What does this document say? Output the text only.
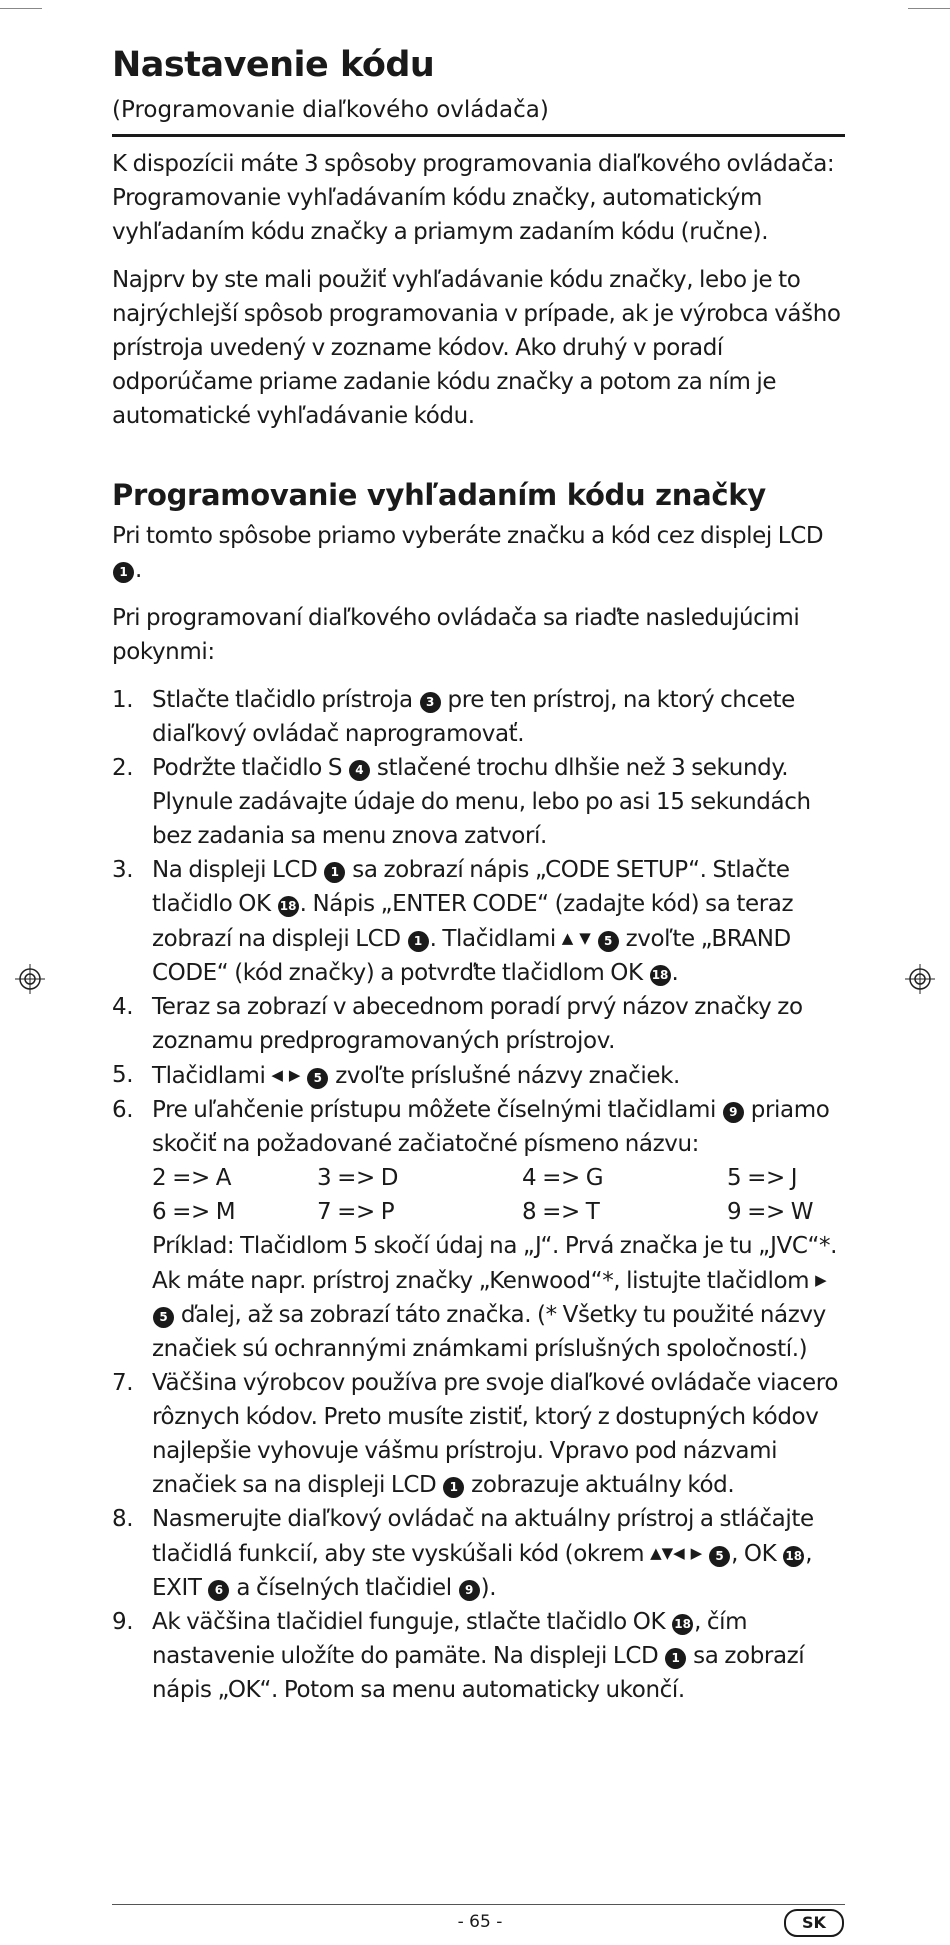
Nastavenie kódu
(Programovanie diaľkového ovládača)

K dispozícii máte 3 spôsoby programovania diaľkového ovládača: Programovanie vyhľadávaním kódu značky, automatickým vyhľadaním kódu značky a priamym zadaním kódu (ručne).

Najprv by ste mali použiť vyhľadávanie kódu značky, lebo je to najrýchlejší spôsob programovania v prípade, ak je výrobca vášho prístroja uvedený v zozname kódov. Ako druhý v poradí odporúčame priame zadanie kódu značky a potom za ním je automatické vyhľadávanie kódu.

Programovanie vyhľadaním kódu značky

Pri tomto spôsobe priamo vyberáte značku a kód cez displej LCD 1 .

Pri programovaní diaľkového ovládača sa riaďte nasledujúcimi pokynmi:

1. Stlačte tlačidlo prístroja 3 pre ten prístroj, na ktorý chcete diaľkový ovládač naprogramovať.
2. Podržte tlačidlo S 4 stlačené trochu dlhšie než 3 sekundy. Plynule zadávajte údaje do menu, lebo po asi 15 sekundách bez zadania sa menu znova zatvorí.
3. Na displeji LCD 1 sa zobrazí nápis „CODE SETUP“. Stlačte tlačidlo OK 18 . Nápis „ENTER CODE“ (zadajte kód) sa teraz zobrazí na displeji LCD 1 . Tlačidlami ▲ ▼ 5 zvoľte „BRAND CODE“ (kód značky) a potvrďte tlačidlom OK 18 .
4. Teraz sa zobrazí v abecednom poradí prvý názov značky zo zoznamu predprogramovaných prístrojov.
5. Tlačidlami ◀ ▶ 5 zvoľte príslušné názvy značiek.
6. Pre uľahčenie prístupu môžete číselnými tlačidlami 9 priamo skočiť na požadované začiatočné písmeno názvu:
2 => A	3 => D	4 => G	5 => J
6 => M	7 => P	8 => T	9 => W
Príklad: Tlačidlom 5 skočí údaj na „J“. Prvá značka je tu „JVC“*. Ak máte napr. prístroj značky „Kenwood“*, listujte tlačidlom ▶ 5 ďalej, až sa zobrazí táto značka. (* Všetky tu použité názvy značiek sú ochrannými známkami príslušných spoločností.)
7. Väčšina výrobcov používa pre svoje diaľkové ovládače viacero rôznych kódov. Preto musíte zistiť, ktorý z dostupných kódov najlepšie vyhovuje vášmu prístroju. Vpravo pod názvami značiek sa na displeji LCD 1 zobrazuje aktuálny kód.
8. Nasmerujte diaľkový ovládač na aktuálny prístroj a stláčajte tlačidlá funkcií, aby ste vyskúšali kód (okrem ▲▼◀ ▶ 5 , OK 18 , EXIT 6 a číselných tlačidiel 9 ).
9. Ak väčšina tlačidiel funguje, stlačte tlačidlo OK 18 , čím nastavenie uložíte do pamäte. Na displeji LCD 1 sa zobrazí nápis „OK“. Potom sa menu automaticky ukončí.
- 65 -	SK
